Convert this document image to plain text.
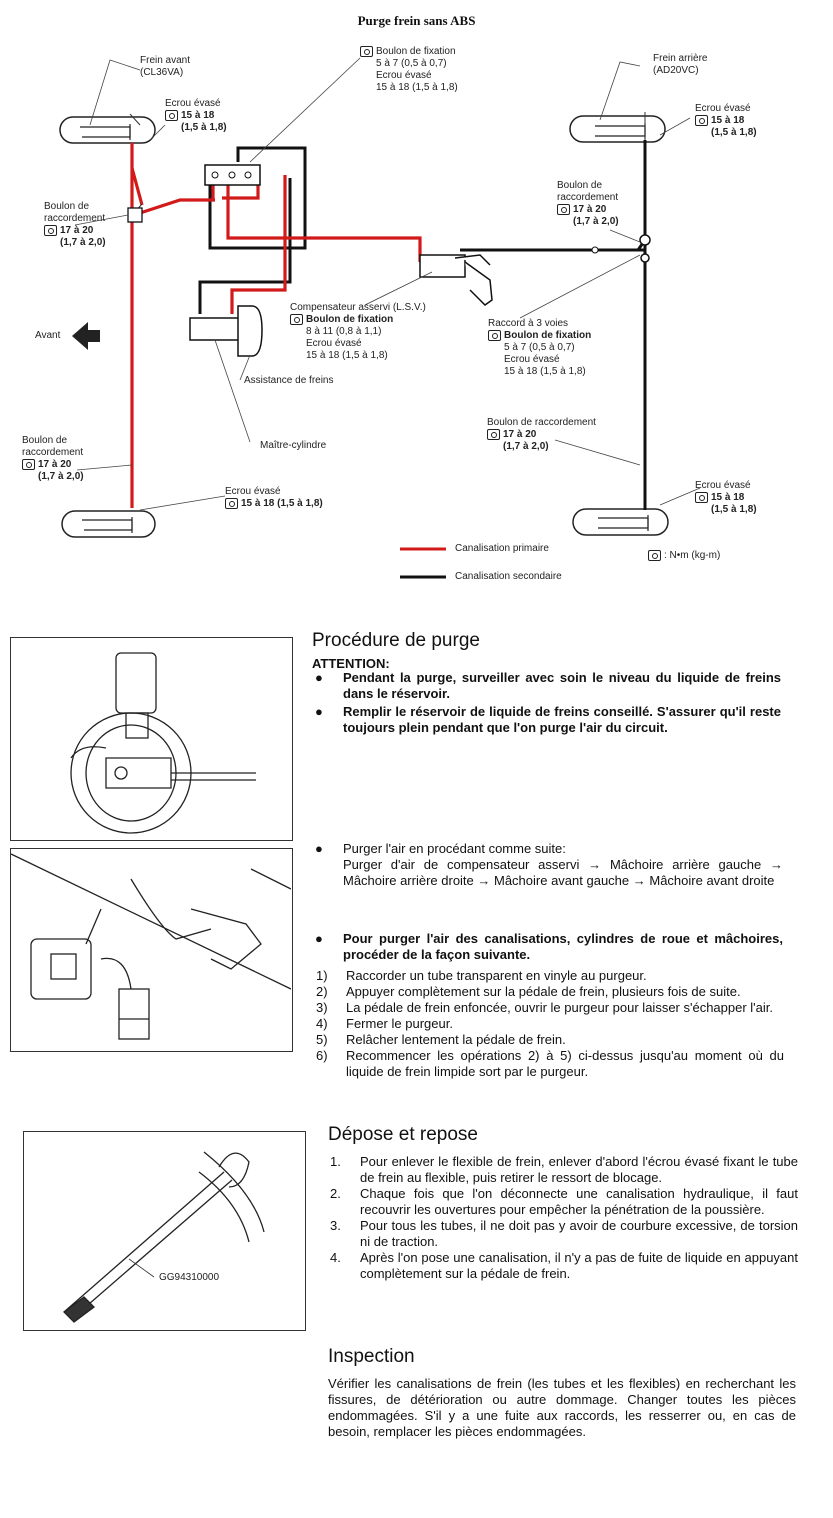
Purge frein sans ABS
Frein avant
(CL36VA)
Frein arrière
(AD20VC)
Ecrou évasé
15 à 18
(1,5 à 1,8)
Boulon de fixation
5 à 7 (0,5 à 0,7)
Ecrou évasé
15 à 18 (1,5 à 1,8)
Ecrou évasé
15 à 18
(1,5 à 1,8)
Boulon de
raccordement
17 à 20
(1,7 à 2,0)
Boulon de
raccordement
17 à 20
(1,7 à 2,0)
Avant
Compensateur asservi (L.S.V.)
Boulon de fixation
8 à 11 (0,8 à 1,1)
Ecrou évasé
15 à 18 (1,5 à 1,8)
Raccord à 3 voies
Boulon de fixation
5 à 7 (0,5 à 0,7)
Ecrou évasé
15 à 18 (1,5 à 1,8)
Assistance de freins
Maître-cylindre
Boulon de raccordement
17 à 20
(1,7 à 2,0)
Boulon de
raccordement
17 à 20
(1,7 à 2,0)
Ecrou évasé
15 à 18 (1,5 à 1,8)
Ecrou évasé
15 à 18
(1,5 à 1,8)
Canalisation primaire
Canalisation secondaire
: N•m (kg-m)
GG94310000
Procédure de purge
ATTENTION:
● Pendant la purge, surveiller avec soin le niveau du liquide de freins dans le réservoir.
● Remplir le réservoir de liquide de freins conseillé. S'assurer qu'il reste toujours plein pendant que l'on purge l'air du circuit.
● Purger l'air en procédant comme suite:
Purger d'air de compensateur asservi → Mâchoire arrière gauche → Mâchoire arrière droite → Mâchoire avant gauche → Mâchoire avant droite
● Pour purger l'air des canalisations, cylindres de roue et mâchoires, procéder de la façon suivante.
1) Raccorder un tube transparent en vinyle au purgeur.
2) Appuyer complètement sur la pédale de frein, plusieurs fois de suite.
3) La pédale de frein enfoncée, ouvrir le purgeur pour laisser s'échapper l'air.
4) Fermer le purgeur.
5) Relâcher lentement la pédale de frein.
6) Recommencer les opérations 2) à 5) ci-dessus jusqu'au moment où du liquide de frein limpide sort par le purgeur.
Dépose et repose
1. Pour enlever le flexible de frein, enlever d'abord l'écrou évasé fixant le tube de frein au flexible, puis retirer le ressort de blocage.
2. Chaque fois que l'on déconnecte une canalisation hydraulique, il faut recouvrir les ouvertures pour empêcher la pénétration de la poussière.
3. Pour tous les tubes, il ne doit pas y avoir de courbure excessive, de torsion ni de traction.
4. Après l'on pose une canalisation, il n'y a pas de fuite de liquide en appuyant complètement sur la pédale de frein.
Inspection
Vérifier les canalisations de frein (les tubes et les flexibles) en recherchant les fissures, de détérioration ou autre dommage. Changer toutes les pièces endommagées. S'il y a une fuite aux raccords, les resserrer ou, en cas de besoin, remplacer les pièces endommagées.
